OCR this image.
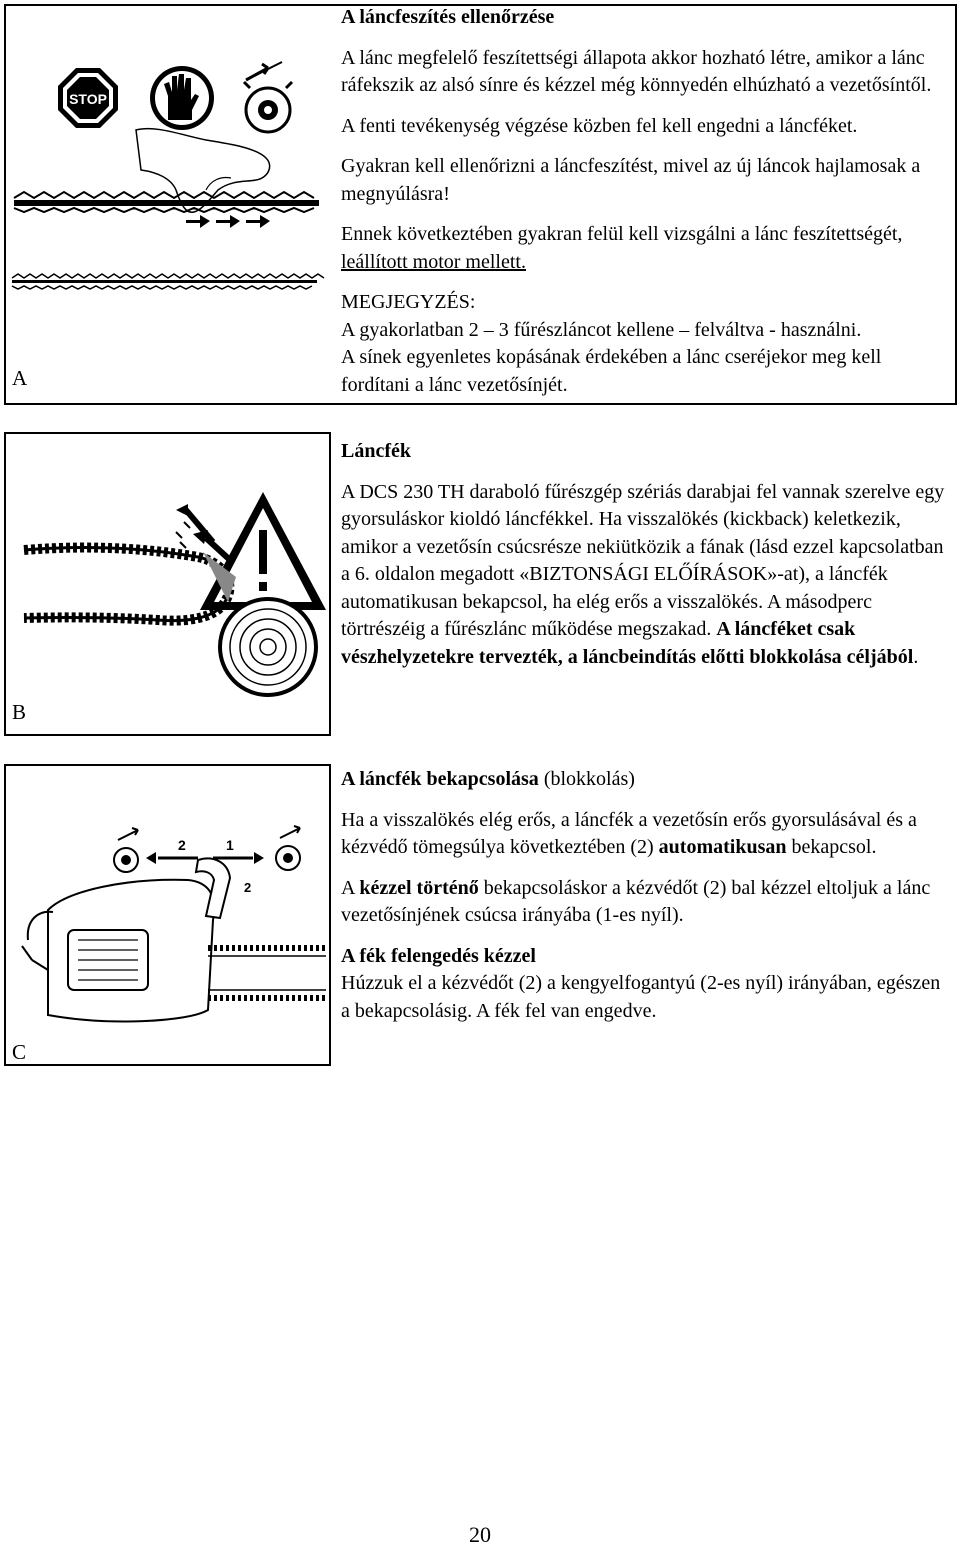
A
STOP

A láncfeszítés ellenőrzése

A lánc megfelelő feszítettségi állapota akkor hozható létre, amikor a lánc ráfekszik az alsó sínre és kézzel még könnyedén elhúzható a vezetősíntől.

A fenti tevékenység végzése közben fel kell engedni a láncféket.

Gyakran kell ellenőrizni a láncfeszítést, mivel az új láncok hajlamosak a megnyúlásra!

Ennek következtében gyakran felül kell vizsgálni a lánc feszítettségét, leállított motor mellett.

MEGJEGYZÉS:

A gyakorlatban 2 – 3 fűrészláncot kellene – felváltva - használni.

A sínek egyenletes kopásának érdekében a lánc cseréjekor meg kell fordítani a lánc vezetősínjét.

B

Láncfék

A DCS 230 TH daraboló fűrészgép szériás darabjai fel vannak szerelve egy gyorsuláskor kioldó láncfékkel. Ha visszalökés (kickback) keletkezik, amikor a vezetősín csúcsrésze nekiütközik a fának (lásd ezzel kapcsolatban a 6. oldalon megadott «BIZTONSÁGI ELŐÍRÁSOK»-at), a láncfék automatikusan bekapcsol, ha elég erős a visszalökés. A másodperc törtrészéig a fűrészlánc működése megszakad. A láncféket csak vészhelyzetekre tervezték, a láncbeindítás előtti blokkolása céljából.

C
2	1
2

A láncfék bekapcsolása (blokkolás)

Ha a visszalökés elég erős, a láncfék a vezetősín erős gyorsulásával és a kézvédő tömegsúlya következtében (2) automatikusan bekapcsol.

A kézzel történő bekapcsoláskor a kézvédőt (2) bal kézzel eltoljuk a lánc vezetősínjének csúcsa irányába (1-es nyíl).

A fék felengedés kézzel

Húzzuk el a kézvédőt (2) a kengyelfogantyú (2-es nyíl) irányában, egészen a bekapcsolásig. A fék fel van engedve.

20
